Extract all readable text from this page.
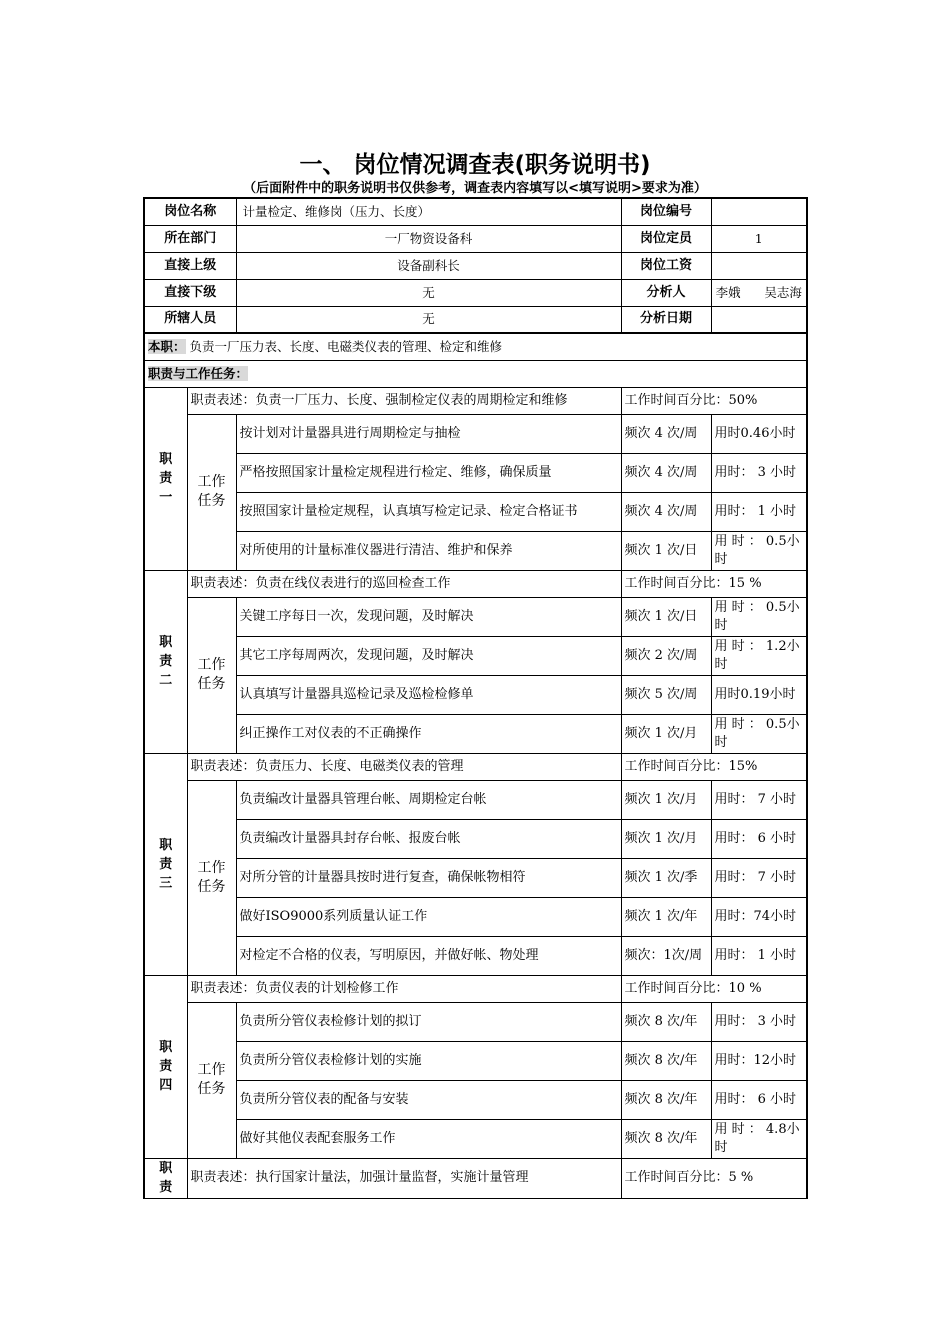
一、 岗位情况调查表(职务说明书)
（后面附件中的职务说明书仅供参考，调查表内容填写以<填写说明>要求为准）
岗位名称		计量检定、维修岗（压力、长度）	岗位编号	
所在部门		一厂物资设备科	岗位定员	1
直接上级		设备副科长	岗位工资	
直接下级		无	分析人	李娥      吴志海
所辖人员		无	分析日期	
本职： 负责一厂压力表、长度、电磁类仪表的管理、检定和维修				
职责与工作任务：				

职责一	职责表述：负责一厂压力、长度、强制检定仪表的周期检定和维修		工作时间百分比：50%	

	工作任务	按计划对计量器具进行周期检定与抽检	频次 4 次/周	用时0.46小时
		严格按照国家计量检定规程进行检定、维修，确保质量	频次 4 次/周	用时： 3 小时
		按照国家计量检定规程，认真填写检定记录、检定合格证书	频次 4 次/周	用时： 1 小时
		对所使用的计量标准仪器进行清洁、维护和保养	频次 1 次/日	用 时 ： 0.5小时

职责二	职责表述：负责在线仪表进行的巡回检查工作		工作时间百分比：15 %	

	工作任务	关键工序每日一次，发现问题，及时解决	频次 1 次/日	用 时 ： 0.5小时
		其它工序每周两次，发现问题，及时解决	频次 2 次/周	用 时 ： 1.2小时
		认真填写计量器具巡检记录及巡检检修单	频次 5 次/周	用时0.19小时
		纠正操作工对仪表的不正确操作	频次 1 次/月	用 时 ： 0.5小时

职责三	职责表述：负责压力、长度、电磁类仪表的管理		工作时间百分比：15%	

	工作任务	负责编改计量器具管理台帐、周期检定台帐	频次 1 次/月	用时： 7 小时
		负责编改计量器具封存台帐、报废台帐	频次 1 次/月	用时： 6 小时
		对所分管的计量器具按时进行复查，确保帐物相符	频次 1 次/季	用时： 7 小时
		做好ISO9000系列质量认证工作	频次 1 次/年	用时：74小时
		对检定不合格的仪表，写明原因，并做好帐、物处理	频次：1次/周	用时： 1 小时

职责四	职责表述：负责仪表的计划检修工作		工作时间百分比：10 %	

	工作任务	负责所分管仪表检修计划的拟订	频次 8 次/年	用时： 3 小时
		负责所分管仪表检修计划的实施	频次 8 次/年	用时：12小时
		负责所分管仪表的配备与安装	频次 8 次/年	用时： 6 小时
		做好其他仪表配套服务工作	频次 8 次/年	用 时 ： 4.8小时

职责	职责表述：执行国家计量法，加强计量监督，实施计量管理		工作时间百分比：5 %	
